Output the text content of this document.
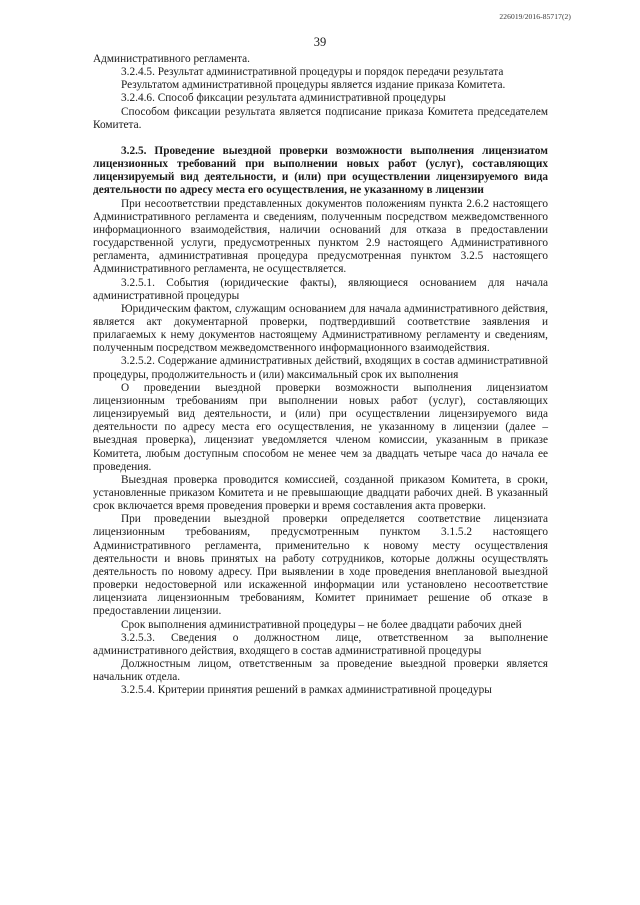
226019/2016-85717(2)
39

Административного регламента.

3.2.4.5. Результат административной процедуры и порядок передачи результата

Результатом административной процедуры является издание приказа Комитета.

3.2.4.6. Способ фиксации результата административной процедуры

Способом фиксации результата является подписание приказа Комитета председателем Комитета.

3.2.5. Проведение выездной проверки возможности выполнения лицензиатом лицензионных требований при выполнении новых работ (услуг), составляющих лицензируемый вид деятельности, и (или) при осуществлении лицензируемого вида деятельности по адресу места его осуществления, не указанному в лицензии

При несоответствии представленных документов положениям пункта 2.6.2 настоящего Административного регламента и сведениям, полученным посредством межведомственного информационного взаимодействия, наличии оснований для отказа в предоставлении государственной услуги, предусмотренных пунктом 2.9 настоящего Административного регламента, административная процедура предусмотренная пунктом 3.2.5 настоящего Административного регламента, не осуществляется.

3.2.5.1. События (юридические факты), являющиеся основанием для начала административной процедуры

Юридическим фактом, служащим основанием для начала административного действия, является акт документарной проверки, подтвердивший соответствие заявления и прилагаемых к нему документов настоящему Административному регламенту и сведениям, полученным посредством межведомственного информационного взаимодействия.

3.2.5.2. Содержание административных действий, входящих в состав административной процедуры, продолжительность и (или) максимальный срок их выполнения

О проведении выездной проверки возможности выполнения лицензиатом лицензионным требованиям при выполнении новых работ (услуг), составляющих лицензируемый вид деятельности, и (или) при осуществлении лицензируемого вида деятельности по адресу места его осуществления, не указанному в лицензии (далее – выездная проверка), лицензиат уведомляется членом комиссии, указанным в приказе Комитета, любым доступным способом не менее чем за двадцать четыре часа до начала ее проведения.

Выездная проверка проводится комиссией, созданной приказом Комитета, в сроки, установленные приказом Комитета и не превышающие двадцати рабочих дней. В указанный срок включается время проведения проверки и время составления акта проверки.

При проведении выездной проверки определяется соответствие лицензиата лицензионным требованиям, предусмотренным пунктом 3.1.5.2 настоящего Административного регламента, применительно к новому месту осуществления деятельности и вновь принятых на работу сотрудников, которые должны осуществлять деятельность по новому адресу. При выявлении в ходе проведения внеплановой выездной проверки недостоверной или искаженной информации или установлено несоответствие лицензиата лицензионным требованиям, Комитет принимает решение об отказе в предоставлении лицензии.

Срок выполнения административной процедуры – не более двадцати рабочих дней

3.2.5.3. Сведения о должностном лице, ответственном за выполнение административного действия, входящего в состав административной процедуры

Должностным лицом, ответственным за проведение выездной проверки является начальник отдела.

3.2.5.4. Критерии принятия решений в рамках административной процедуры
